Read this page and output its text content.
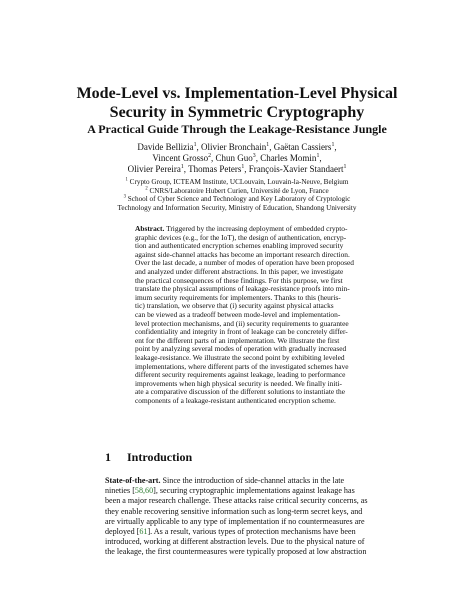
Mode-Level vs. Implementation-Level Physical
Security in Symmetric Cryptography
A Practical Guide Through the Leakage-Resistance Jungle
Davide Bellizia$^1$, Olivier Bronchain$^1$, Gaëtan Cassiers$^1$,
Vincent Grosso$^2$, Chun Guo$^3$, Charles Momin$^1$,
Olivier Pereira$^1$, Thomas Peters$^1$, François-Xavier Standaert$^1$
$^1$ Crypto Group, ICTEAM Institute, UCLouvain, Louvain-la-Neuve, Belgium
$^2$ CNRS/Laboratoire Hubert Curien, Université de Lyon, France
$^3$ School of Cyber Science and Technology and Key Laboratory of Cryptologic
Technology and Information Security, Ministry of Education, Shandong University
Abstract. Triggered by the increasing deployment of embedded crypto-
graphic devices (e.g., for the IoT), the design of authentication, encryp-
tion and authenticated encryption schemes enabling improved security
against side-channel attacks has become an important research direction.
Over the last decade, a number of modes of operation have been proposed
and analyzed under different abstractions. In this paper, we investigate
the practical consequences of these findings. For this purpose, we first
translate the physical assumptions of leakage-resistance proofs into min-
imum security requirements for implementers. Thanks to this (heuris-
tic) translation, we observe that (i) security against physical attacks
can be viewed as a tradeoff between mode-level and implementation-
level protection mechanisms, and (ii) security requirements to guarantee
confidentiality and integrity in front of leakage can be concretely differ-
ent for the different parts of an implementation. We illustrate the first
point by analyzing several modes of operation with gradually increased
leakage-resistance. We illustrate the second point by exhibiting leveled
implementations, where different parts of the investigated schemes have
different security requirements against leakage, leading to performance
improvements when high physical security is needed. We finally initi-
ate a comparative discussion of the different solutions to instantiate the
components of a leakage-resistant authenticated encryption scheme.
1 Introduction
State-of-the-art. Since the introduction of side-channel attacks in the late
nineties [58,60], securing cryptographic implementations against leakage has
been a major research challenge. These attacks raise critical security concerns, as
they enable recovering sensitive information such as long-term secret keys, and
are virtually applicable to any type of implementation if no countermeasures are
deployed [61]. As a result, various types of protection mechanisms have been
introduced, working at different abstraction levels. Due to the physical nature of
the leakage, the first countermeasures were typically proposed at low abstraction
